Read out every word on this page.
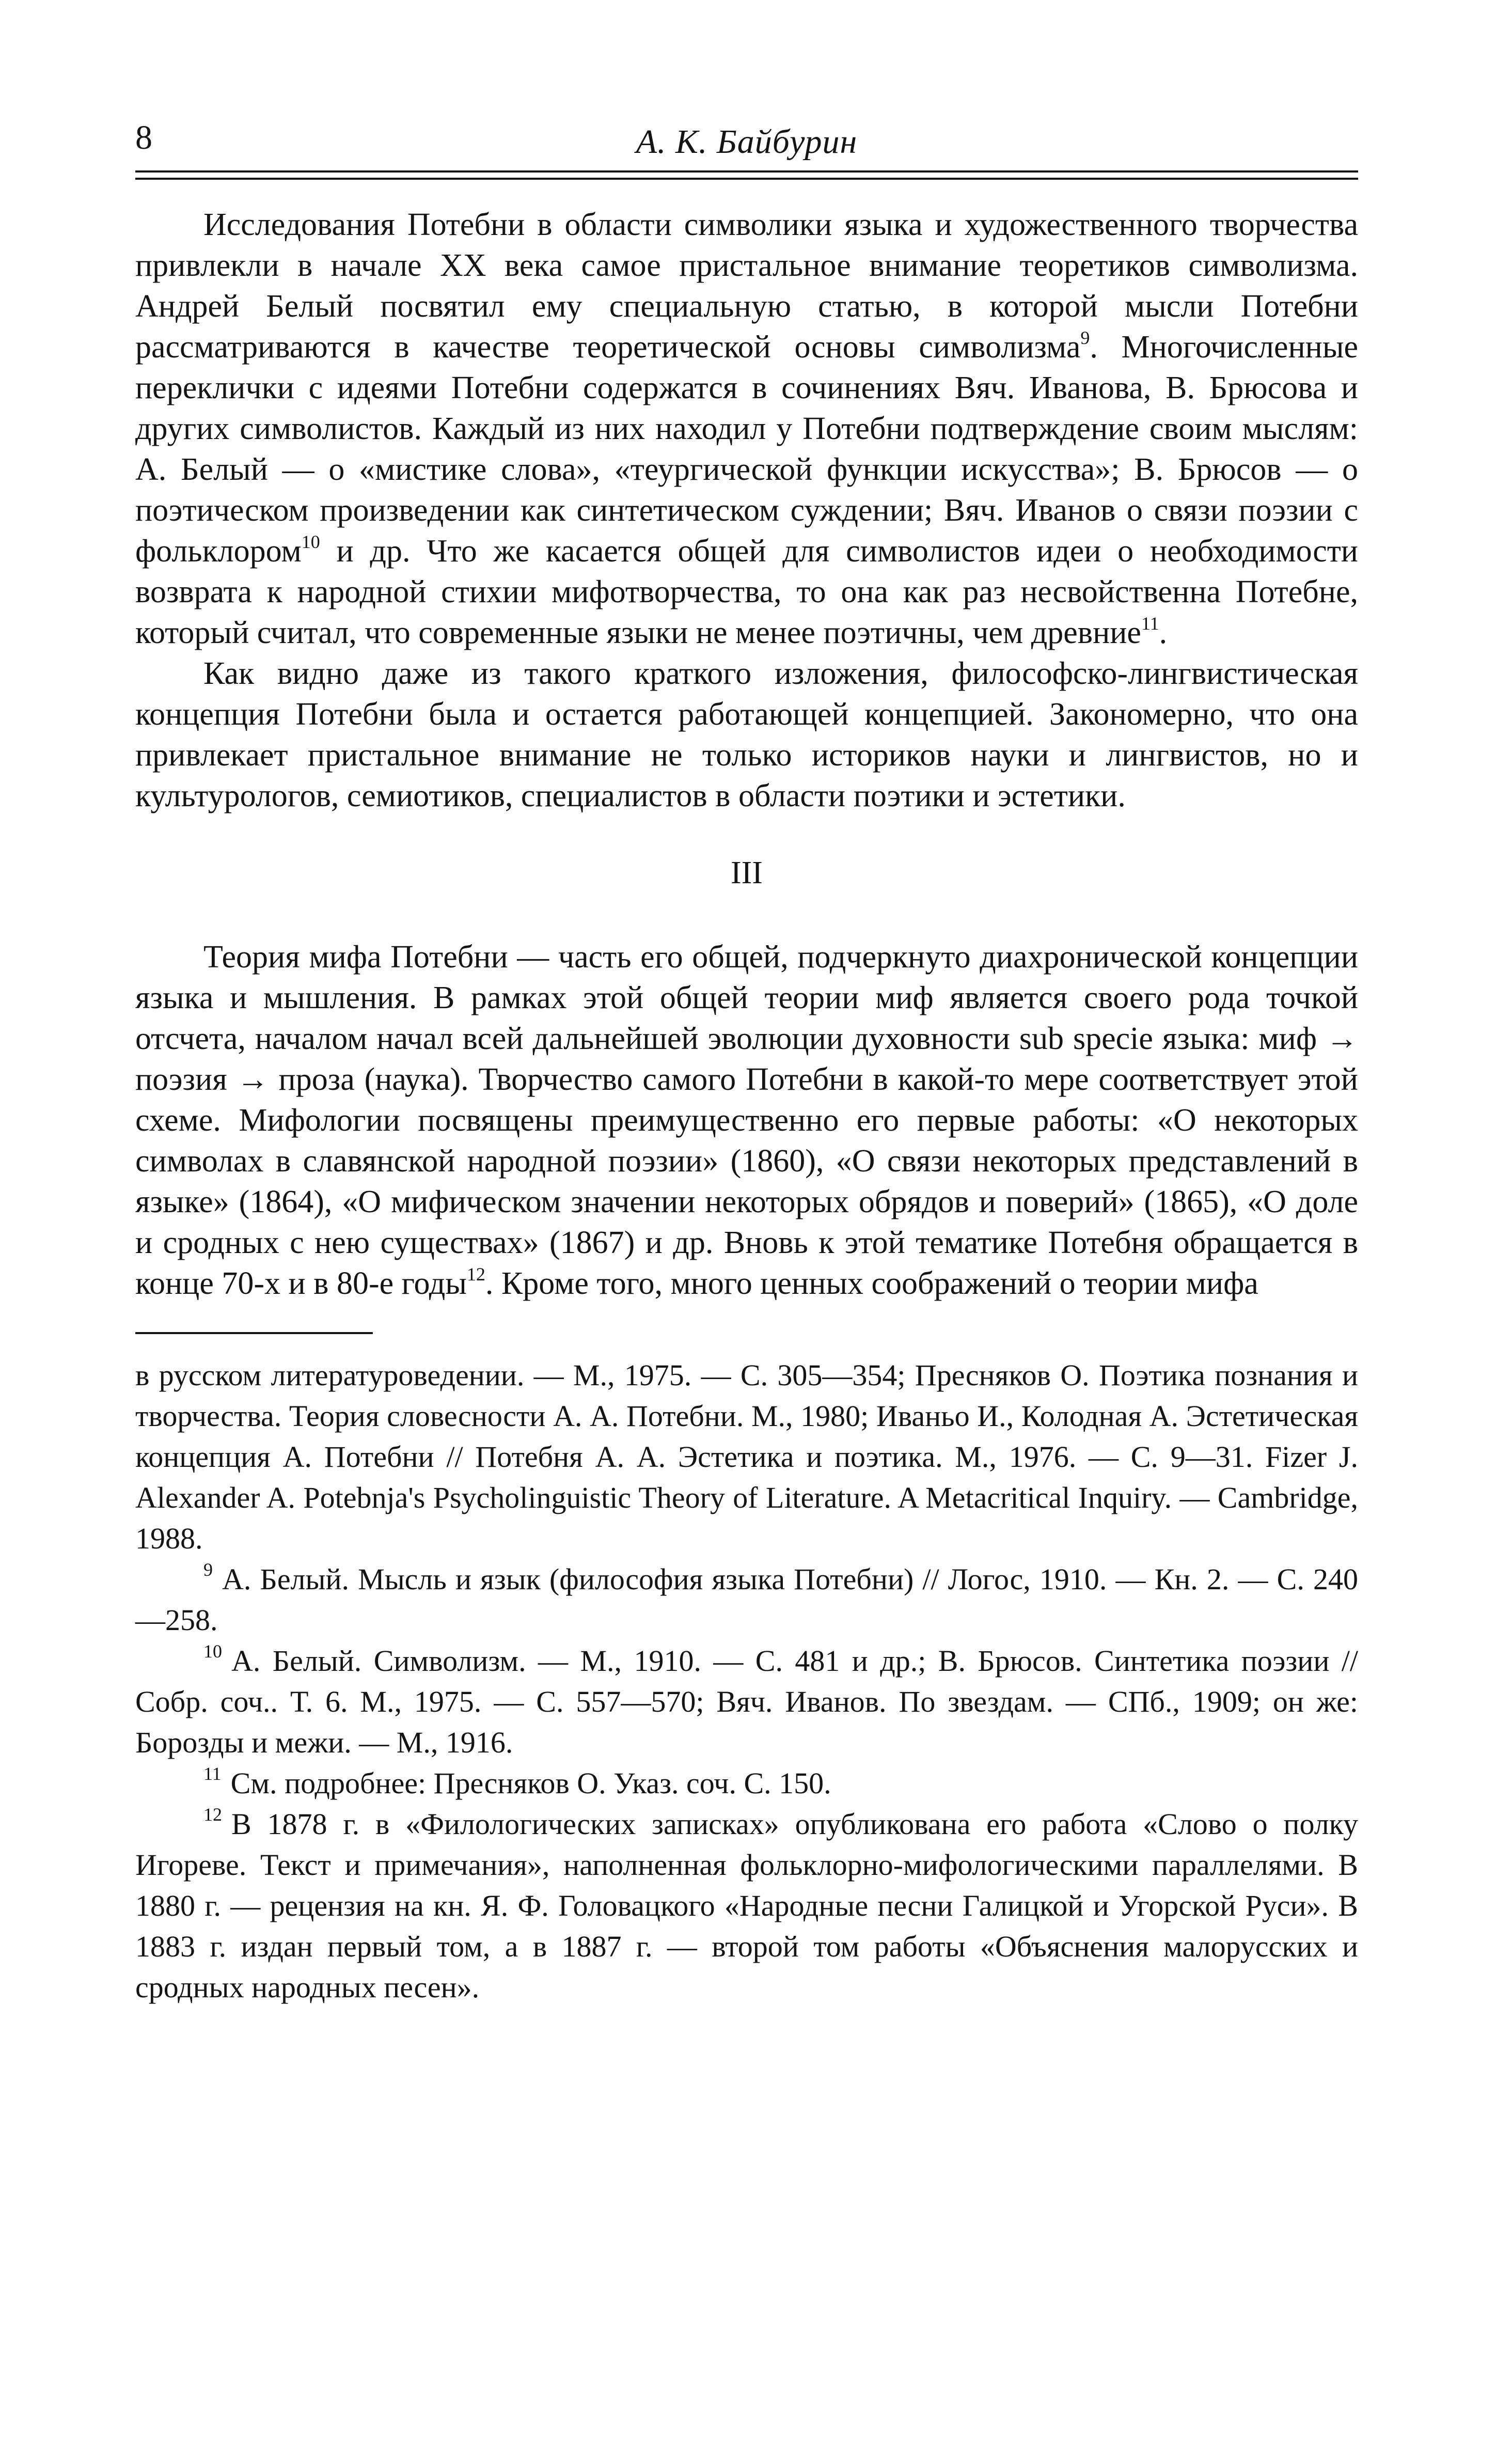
8	А. К. Байбурин

Исследования Потебни в области символики языка и художественного творчества привлекли в начале XX века самое пристальное внимание теоретиков символизма. Андрей Белый посвятил ему специальную статью, в которой мысли Потебни рассматриваются в качестве теоретической основы символизма$^9$. Многочисленные переклички с идеями Потебни содержатся в сочинениях Вяч. Иванова, В. Брюсова и других символистов. Каждый из них находил у Потебни подтверждение своим мыслям: А. Белый — о «мистике слова», «теургической функции искусства»; В. Брюсов — о поэтическом произведении как синтетическом суждении; Вяч. Иванов о связи поэзии с фольклором$^{10}$ и др. Что же касается общей для символистов идеи о необходимости возврата к народной стихии мифотворчества, то она как раз несвойственна Потебне, который считал, что современные языки не менее поэтичны, чем древние$^{11}$.

Как видно даже из такого краткого изложения, философско-лингвистическая концепция Потебни была и остается работающей концепцией. Закономерно, что она привлекает пристальное внимание не только историков науки и лингвистов, но и культурологов, семиотиков, специалистов в области поэтики и эстетики.

III

Теория мифа Потебни — часть его общей, подчеркнуто диахронической концепции языка и мышления. В рамках этой общей теории миф является своего рода точкой отсчета, началом начал всей дальнейшей эволюции духовности sub specie языка: миф → поэзия → проза (наука). Творчество самого Потебни в какой-то мере соответствует этой схеме. Мифологии посвящены преимущественно его первые работы: «О некоторых символах в славянской народной поэзии» (1860), «О связи некоторых представлений в языке» (1864), «О мифическом значении некоторых обрядов и поверий» (1865), «О доле и сродных с нею существах» (1867) и др. Вновь к этой тематике Потебня обращается в конце 70-х и в 80-е годы$^{12}$. Кроме того, много ценных соображений о теории мифа

в русском литературоведении. — М., 1975. — С. 305—354; Пресняков О. Поэтика познания и творчества. Теория словесности А. А. Потебни. М., 1980; Иваньо И., Колодная А. Эстетическая концепция А. Потебни // Потебня А. А. Эстетика и поэтика. М., 1976. — С. 9—31. Fizer J. Alexander A. Potebnja's Psycholinguistic Theory of Literature. A Metacritical Inquiry. — Cambridge, 1988.

$^9$ А. Белый. Мысль и язык (философия языка Потебни) // Логос, 1910. — Кн. 2. — С. 240—258.

$^{10}$ А. Белый. Символизм. — М., 1910. — С. 481 и др.; В. Брюсов. Синтетика поэзии // Собр. соч.. Т. 6. М., 1975. — С. 557—570; Вяч. Иванов. По звездам. — СПб., 1909; он же: Борозды и межи. — М., 1916.

$^{11}$ См. подробнее: Пресняков О. Указ. соч. С. 150.

$^{12}$ В 1878 г. в «Филологических записках» опубликована его работа «Слово о полку Игореве. Текст и примечания», наполненная фольклорно-мифологическими параллелями. В 1880 г. — рецензия на кн. Я. Ф. Головацкого «Народные песни Галицкой и Угорской Руси». В 1883 г. издан первый том, а в 1887 г. — второй том работы «Объяснения малорусских и сродных народных песен».
